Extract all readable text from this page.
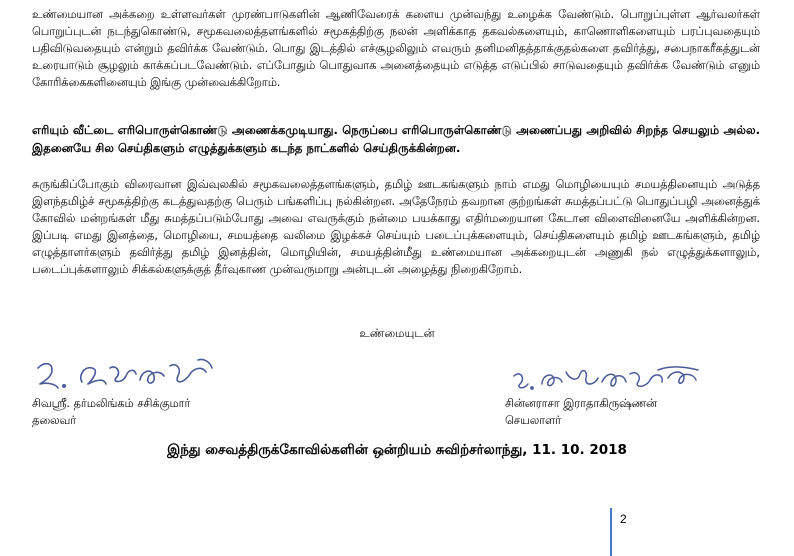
உண்மையான அக்கறை உள்ளவர்கள் முரண்பாடுகளின் ஆணிவேரைக் களைய முன்வந்து உழைக்க வேண்டும். பொறுப்புள்ள ஆர்வலர்கள் பொறுப்புடன் நடந்துகொண்டு, சமூகவலைத்தளங்களில் சமூகத்திற்கு நலன் அளிக்காத தகவல்களையும், காணொளிகளையும் பரப்புவதையும் பதிவிடுவதையும் என்றும் தவிர்க்க வேண்டும். பொது இடத்தில் எச்சூழலிலும் எவரும் தனிமனிதத்தாக்குதல்களை தவிர்த்து, சபைநாகரீகத்துடன் உரையாடும் சூழலும் காக்கப்படவேண்டும். எப்போதும் பொதுவாக அனைத்தையும் எடுத்த எடுப்பில் சாடுவதையும் தவிர்க்க வேண்டும் எனும் கோரிக்கைகளினையும் இங்கு முன்வைக்கிறோம்.

எரியும் வீட்டை எரிபொருள்கொண்டு அணைக்கமுடியாது. நெருப்பை எரிபொருள்கொண்டு அணைப்பது அறிவில் சிறந்த செயலும் அல்ல. இதனையே சில செய்திகளும் எழுத்துக்களும் கடந்த நாட்களில் செய்திருக்கின்றன.

சுருங்கிப்போகும் விரைவான இவ்வுலகில் சமூகவலைத்தளங்களும், தமிழ் ஊடகங்களும் நாம் எமது மொழியையும் சமயத்தினையும் அடுத்த இளந்தமிழ்ச் சமூகத்திற்கு கடத்துவதற்கு பெரும் பங்களிப்பு நல்கின்றன. அதேநேரம் தவறான குற்றங்கள் சுமத்தப்பட்டு பொதுப்பழி அனைத்துக் கோவில் மன்றங்கள் மீது சுமத்தப்படும்போது அவை எவருக்கும் நன்மை பயக்காது எதிர்மறையான கேடான விளைவினையே அளிக்கின்றன. இப்படி எமது இனத்தை, மொழியை, சமயத்தை வலிமை இழக்கச் செய்யும் படைப்புக்களையும், செய்திகளையும் தமிழ் ஊடகங்களும், தமிழ் எழுத்தாளர்களும் தவிர்த்து தமிழ் இனத்தின், மொழியின், சமயத்தின்மீது உண்மையான அக்கறையுடன் அணுகி நல் எழுத்துக்களாலும், படைப்புக்களாலும் சிக்கல்களுக்குத் தீர்வுகாண முன்வருமாறு அன்புடன் அழைத்து நிறைகிறோம்.

உண்மையுடன்
சிவஸ்ரீ. தர்மலிங்கம் சசிக்குமார்
தலைவர்
சின்னராசா இராதாகிருஷ்ணன்
செயலாளர்
இந்து சைவத்திருக்கோவில்களின் ஒன்றியம் சுவிற்சர்லாந்து, 11. 10. 2018
2
